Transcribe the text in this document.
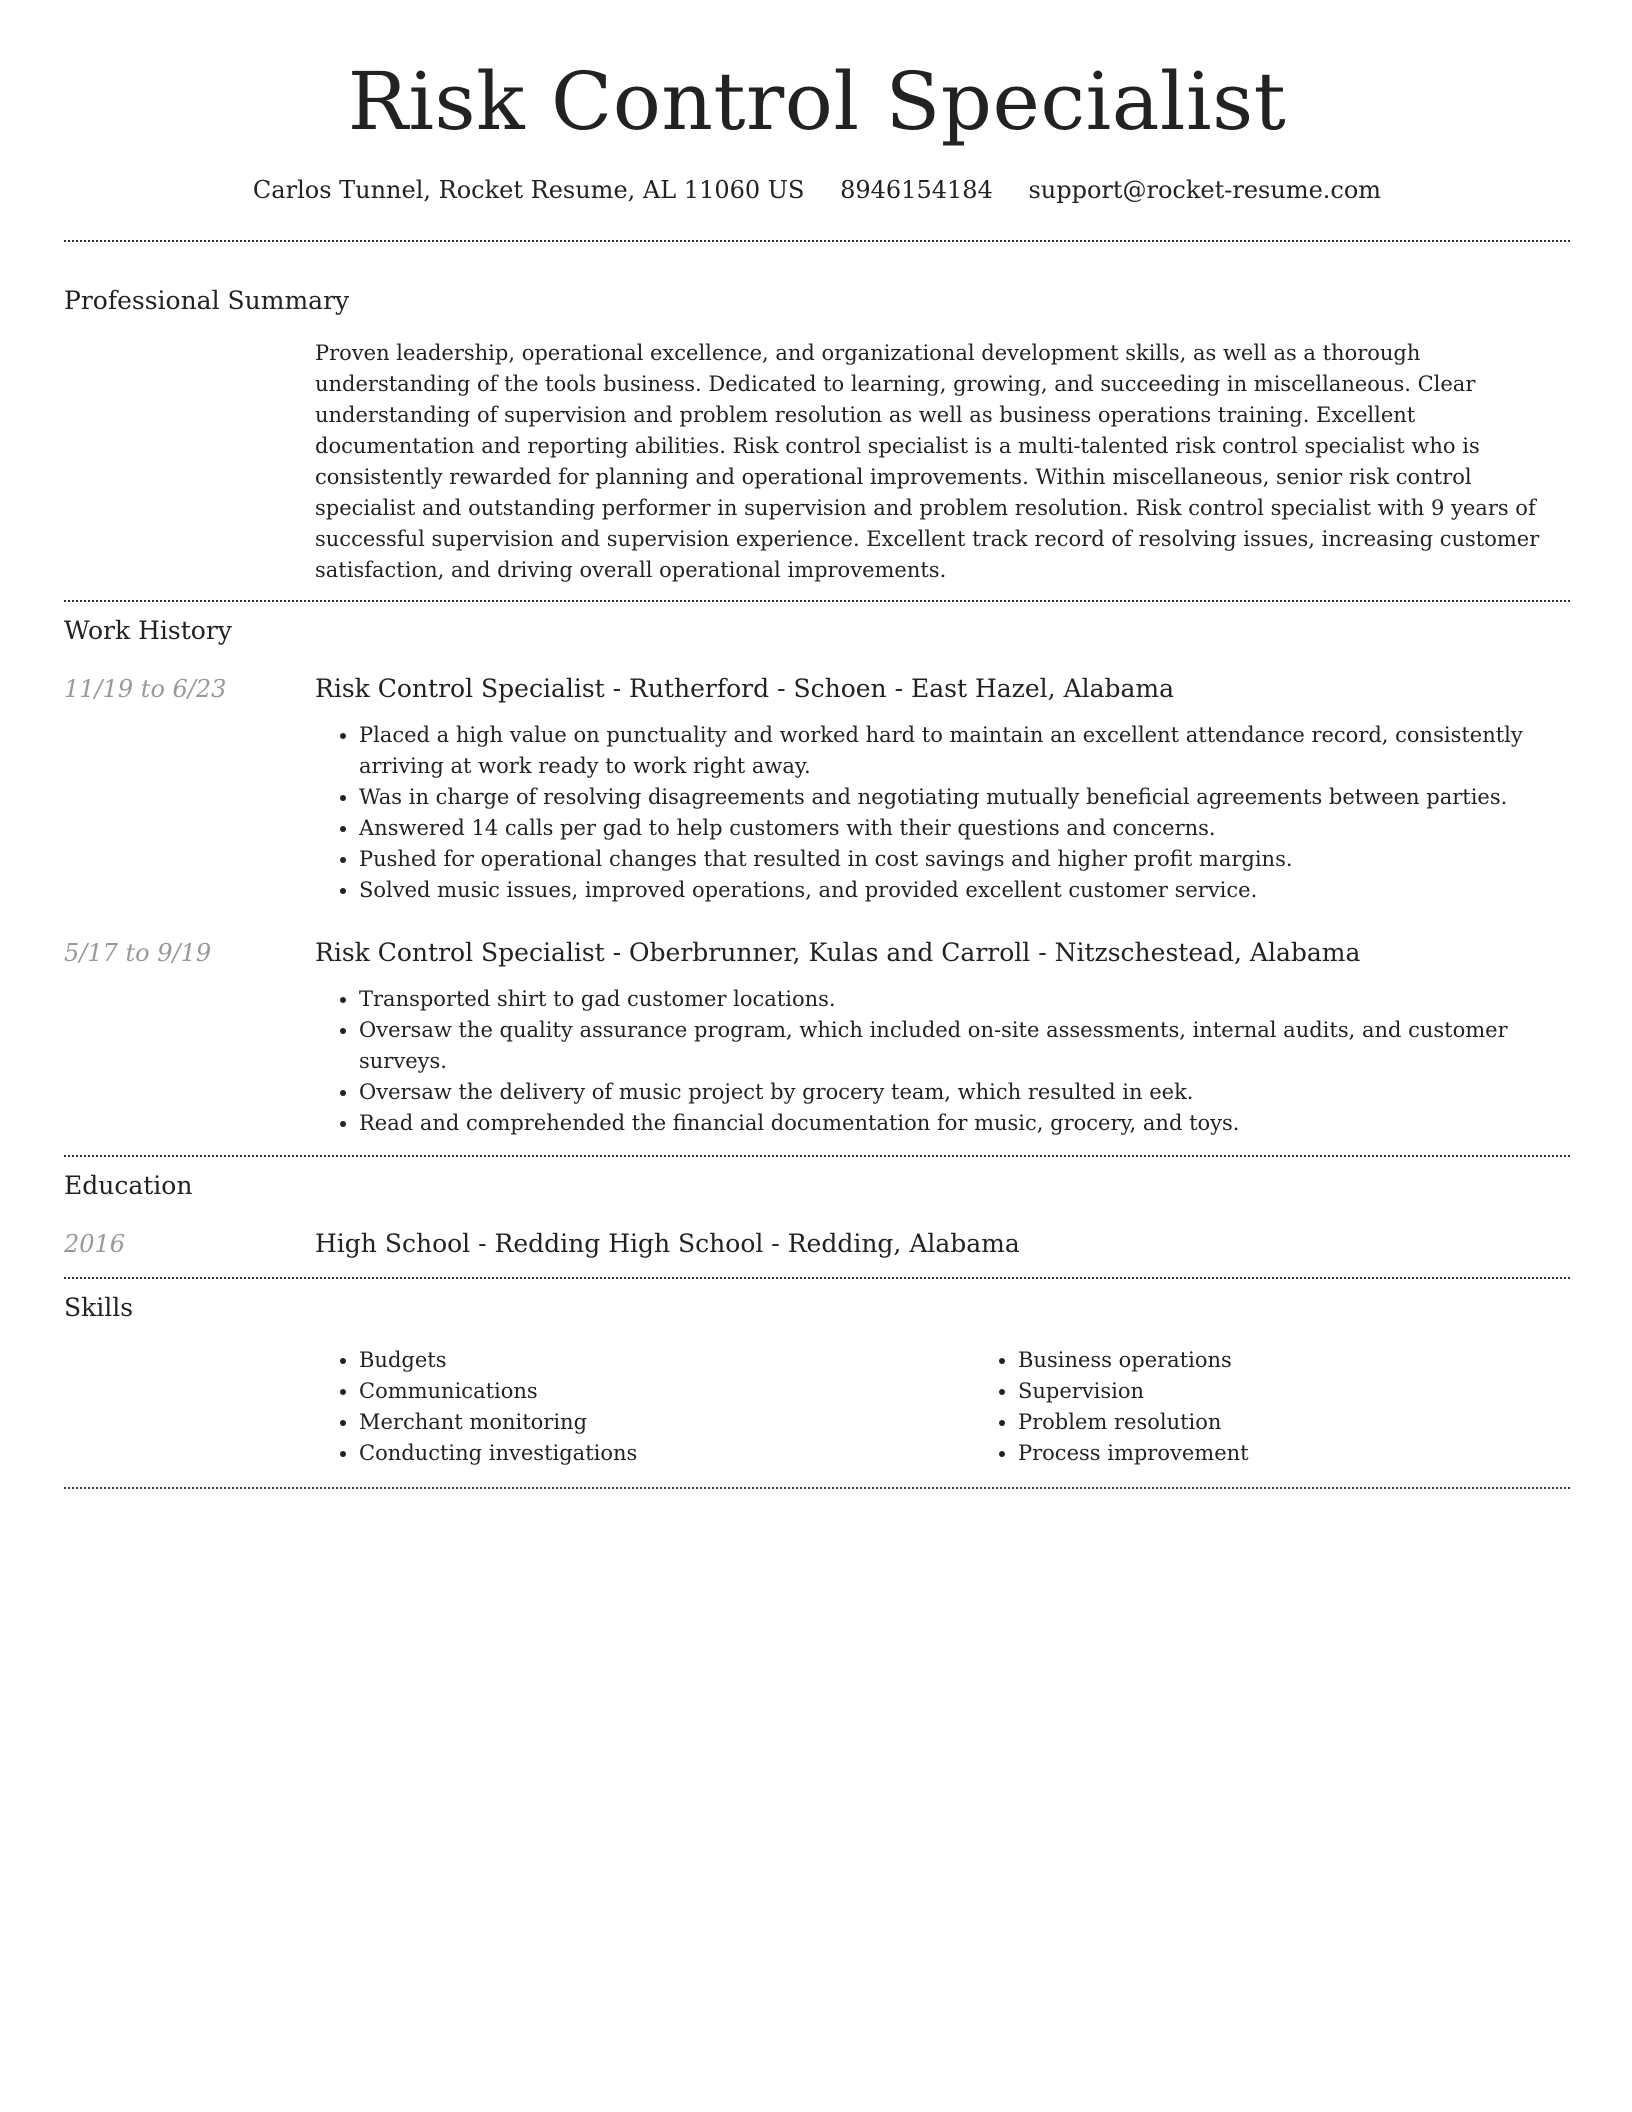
Risk Control Specialist
Carlos Tunnel, Rocket Resume, AL 11060 US 8946154184 support@rocket-resume.com
Professional Summary

Proven leadership, operational excellence, and organizational development skills, as well as a thorough understanding of the tools business. Dedicated to learning, growing, and succeeding in miscellaneous. Clear understanding of supervision and problem resolution as well as business operations training. Excellent documentation and reporting abilities. Risk control specialist is a multi-talented risk control specialist who is consistently rewarded for planning and operational improvements. Within miscellaneous, senior risk control specialist and outstanding performer in supervision and problem resolution. Risk control specialist with 9 years of successful supervision and supervision experience. Excellent track record of resolving issues, increasing customer satisfaction, and driving overall operational improvements.

Work History
11/19 to 6/23	Risk Control Specialist - Rutherford - Schoen - East Hazel, Alabama
• Placed a high value on punctuality and worked hard to maintain an excellent attendance record, consistently arriving at work ready to work right away.
• Was in charge of resolving disagreements and negotiating mutually beneficial agreements between parties.
• Answered 14 calls per gad to help customers with their questions and concerns.
• Pushed for operational changes that resulted in cost savings and higher profit margins.
• Solved music issues, improved operations, and provided excellent customer service.
5/17 to 9/19	Risk Control Specialist - Oberbrunner, Kulas and Carroll - Nitzschestead, Alabama
• Transported shirt to gad customer locations.
• Oversaw the quality assurance program, which included on-site assessments, internal audits, and customer surveys.
• Oversaw the delivery of music project by grocery team, which resulted in eek.
• Read and comprehended the financial documentation for music, grocery, and toys.
Education
2016	High School - Redding High School - Redding, Alabama
Skills
• Budgets
• Communications
• Merchant monitoring
• Conducting investigations
• Business operations
• Supervision
• Problem resolution
• Process improvement
